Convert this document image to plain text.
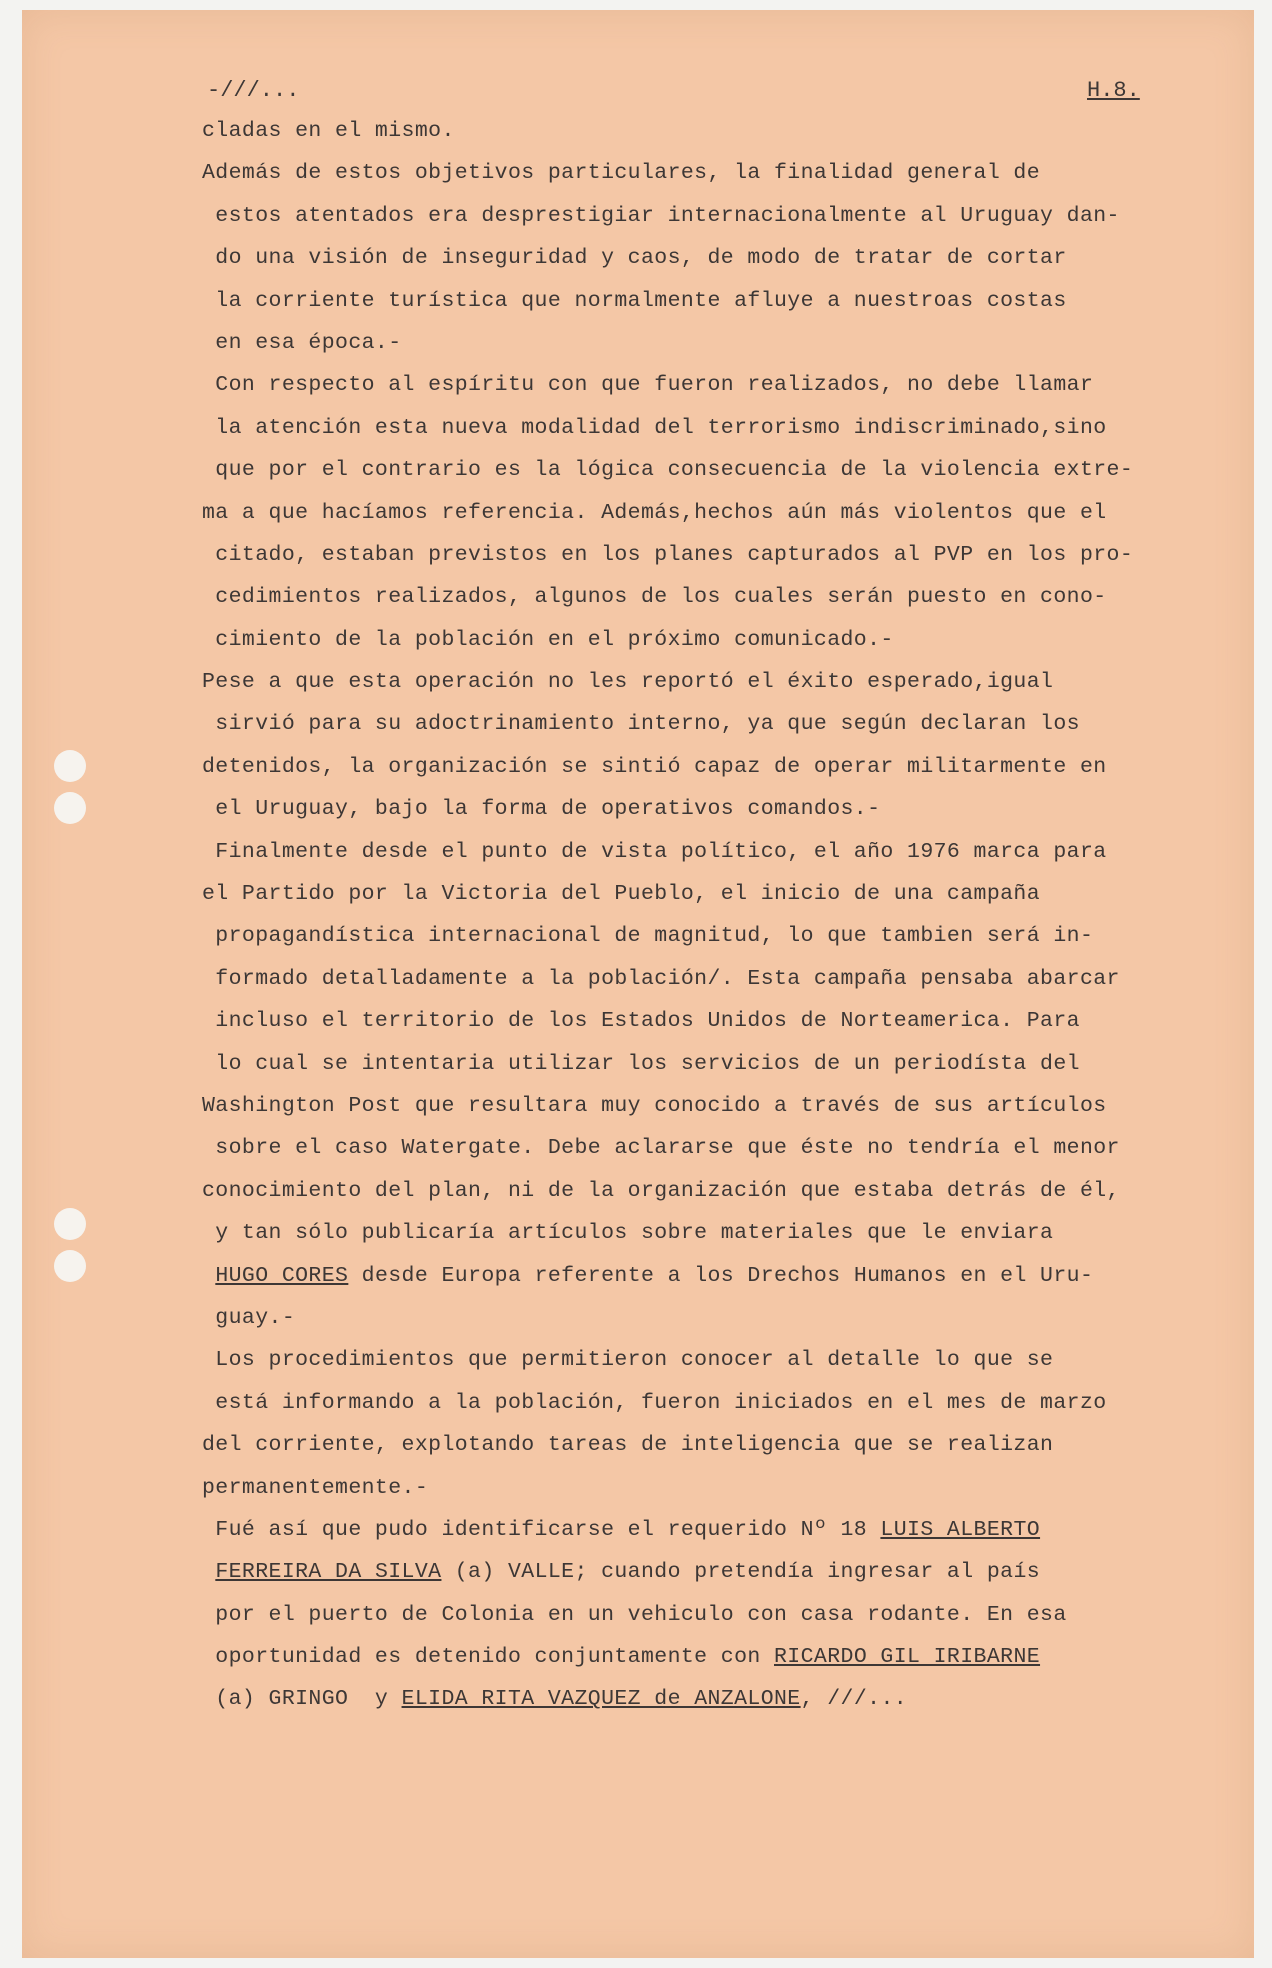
-///...	H.8.
cladas en el mismo.
Además de estos objetivos particulares, la finalidad general de
estos atentados era desprestigiar internacionalmente al Uruguay dan-
do una visión de inseguridad y caos, de modo de tratar de cortar
la corriente turística que normalmente afluye a nuestroas costas
en esa época.-
Con respecto al espíritu con que fueron realizados, no debe llamar
la atención esta nueva modalidad del terrorismo indiscriminado,sino
que por el contrario es la lógica consecuencia de la violencia extre-
ma a que hacíamos referencia. Además,hechos aún más violentos que el
citado, estaban previstos en los planes capturados al PVP en los pro-
cedimientos realizados, algunos de los cuales serán puesto en cono-
cimiento de la población en el próximo comunicado.-
Pese a que esta operación no les reportó el éxito esperado,igual
sirvió para su adoctrinamiento interno, ya que según declaran los
detenidos, la organización se sintió capaz de operar militarmente en
el Uruguay, bajo la forma de operativos comandos.-
Finalmente desde el punto de vista político, el año 1976 marca para
el Partido por la Victoria del Pueblo, el inicio de una campaña
propagandística internacional de magnitud, lo que tambien será in-
formado detalladamente a la población/. Esta campaña pensaba abarcar
incluso el territorio de los Estados Unidos de Norteamerica. Para
lo cual se intentaria utilizar los servicios de un periodísta del
Washington Post que resultara muy conocido a través de sus artículos
sobre el caso Watergate. Debe aclararse que éste no tendría el menor
conocimiento del plan, ni de la organización que estaba detrás de él,
y tan sólo publicaría artículos sobre materiales que le enviara
HUGO CORES desde Europa referente a los Drechos Humanos en el Uru-
guay.-
Los procedimientos que permitieron conocer al detalle lo que se
está informando a la población, fueron iniciados en el mes de marzo
del corriente, explotando tareas de inteligencia que se realizan
permanentemente.-
Fué así que pudo identificarse el requerido Nº 18 LUIS ALBERTO
FERREIRA DA SILVA (a) VALLE; cuando pretendía ingresar al país
por el puerto de Colonia en un vehiculo con casa rodante. En esa
oportunidad es detenido conjuntamente con RICARDO GIL IRIBARNE
(a) GRINGO  y ELIDA RITA VAZQUEZ de ANZALONE, ///...
